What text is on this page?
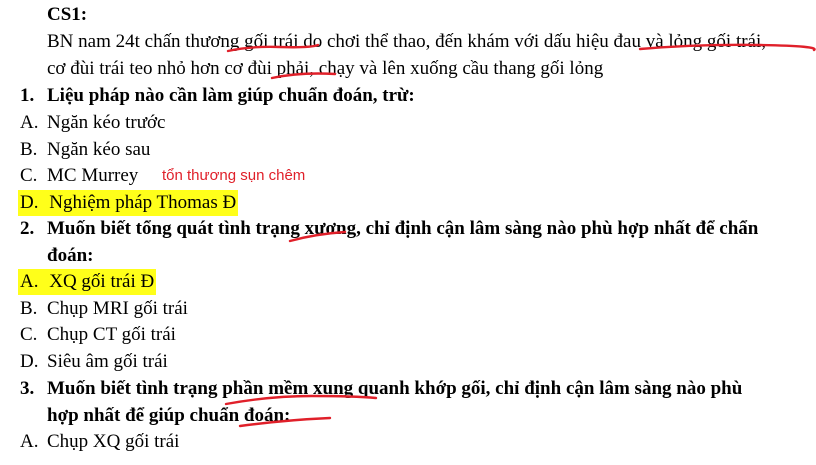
CS1:
BN nam 24t chấn thương gối trái do chơi thể thao, đến khám với dấu hiệu đau và lỏng gối trái,
cơ đùi trái teo nhỏ hơn cơ đùi phải, chạy và lên xuống cầu thang gối lỏng
1. Liệu pháp nào cần làm giúp chuẩn đoán, trừ:
A. Ngăn kéo trước
B. Ngăn kéo sau
C. MC Murrey tổn thương sụn chêm
D. Nghiệm pháp Thomas Đ
2. Muốn biết tổng quát tình trạng xương, chỉ định cận lâm sàng nào phù hợp nhất để chẩn
đoán:
A. XQ gối trái Đ
B. Chụp MRI gối trái
C. Chụp CT gối trái
D. Siêu âm gối trái
3. Muốn biết tình trạng phần mềm xung quanh khớp gối, chỉ định cận lâm sàng nào phù
hợp nhất để giúp chuẩn đoán:
A. Chụp XQ gối trái
